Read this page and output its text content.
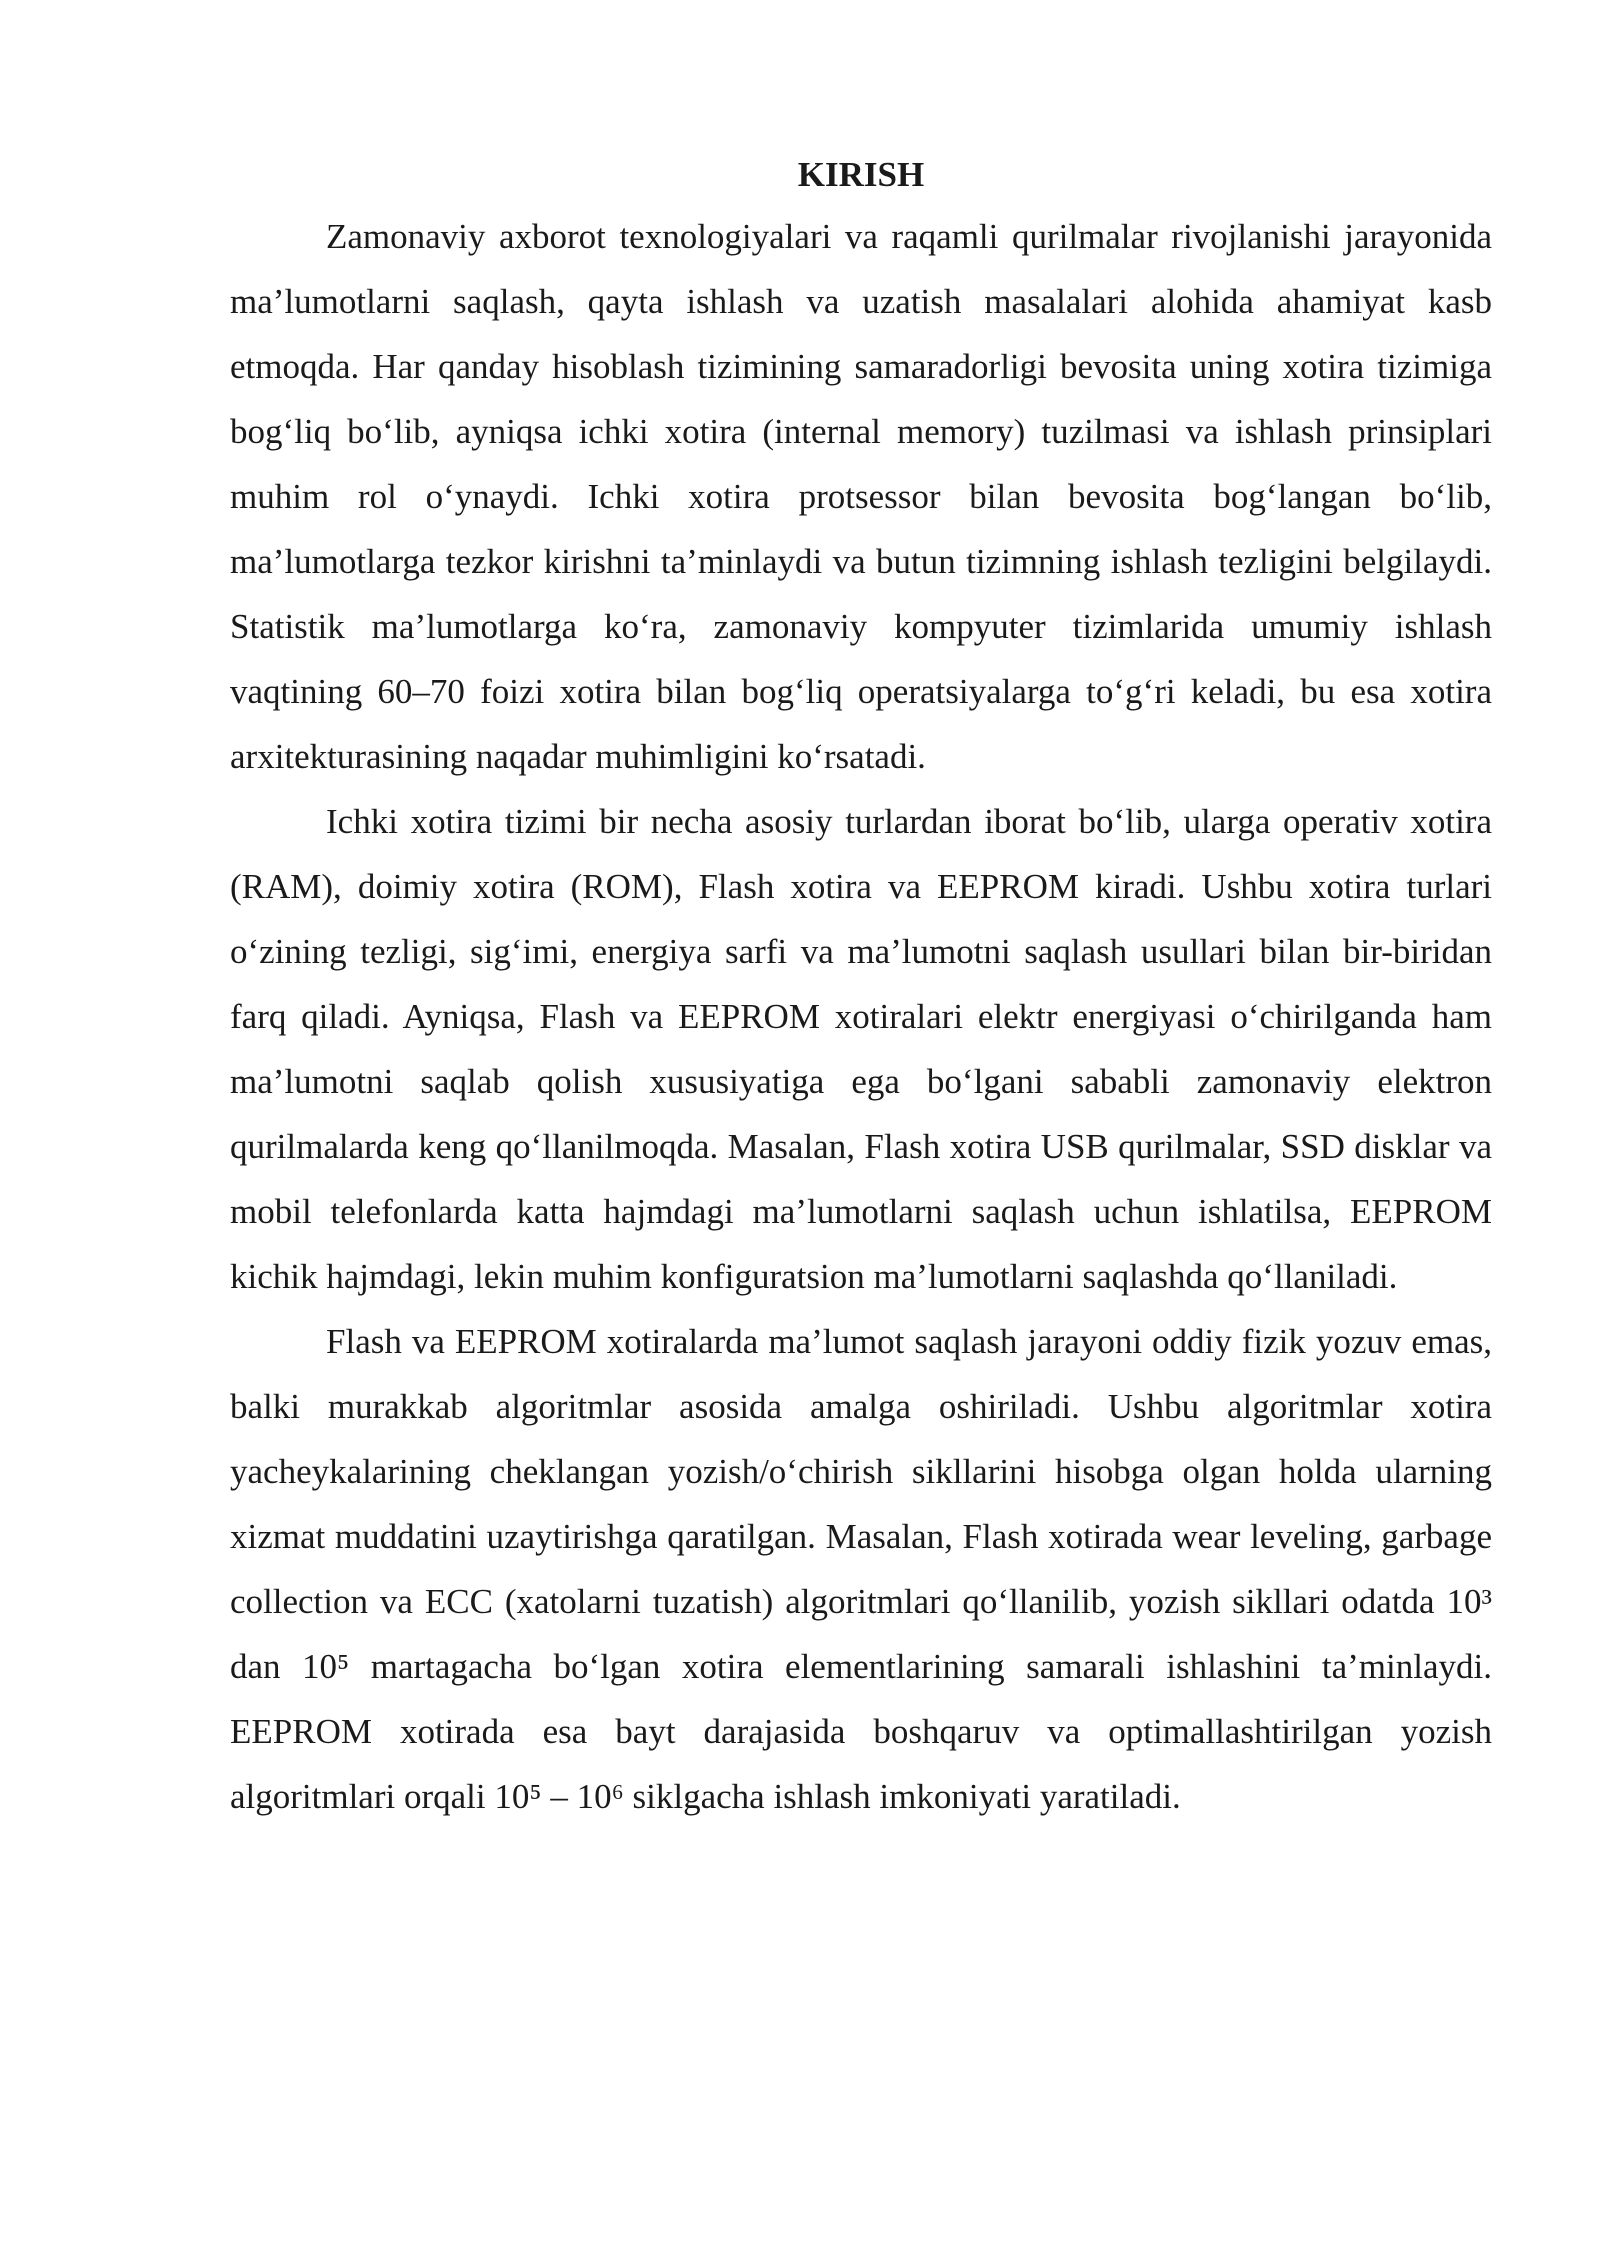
KIRISH

Zamonaviy axborot texnologiyalari va raqamli qurilmalar rivojlanishi jarayonida ma’lumotlarni saqlash, qayta ishlash va uzatish masalalari alohida ahamiyat kasb etmoqda. Har qanday hisoblash tizimining samaradorligi bevosita uning xotira tizimiga bog‘liq bo‘lib, ayniqsa ichki xotira (internal memory) tuzilmasi va ishlash prinsiplari muhim rol o‘ynaydi. Ichki xotira protsessor bilan bevosita bog‘langan bo‘lib, ma’lumotlarga tezkor kirishni ta’minlaydi va butun tizimning ishlash tezligini belgilaydi. Statistik ma’lumotlarga ko‘ra, zamonaviy kompyuter tizimlarida umumiy ishlash vaqtining 60–70 foizi xotira bilan bog‘liq operatsiyalarga to‘g‘ri keladi, bu esa xotira arxitekturasining naqadar muhimligini ko‘rsatadi.

Ichki xotira tizimi bir necha asosiy turlardan iborat bo‘lib, ularga operativ xotira (RAM), doimiy xotira (ROM), Flash xotira va EEPROM kiradi. Ushbu xotira turlari o‘zining tezligi, sig‘imi, energiya sarfi va ma’lumotni saqlash usullari bilan bir-biridan farq qiladi. Ayniqsa, Flash va EEPROM xotiralari elektr energiyasi o‘chirilganda ham ma’lumotni saqlab qolish xususiyatiga ega bo‘lgani sababli zamonaviy elektron qurilmalarda keng qo‘llanilmoqda. Masalan, Flash xotira USB qurilmalar, SSD disklar va mobil telefonlarda katta hajmdagi ma’lumotlarni saqlash uchun ishlatilsa, EEPROM kichik hajmdagi, lekin muhim konfiguratsion ma’lumotlarni saqlashda qo‘llaniladi.

Flash va EEPROM xotiralarda ma’lumot saqlash jarayoni oddiy fizik yozuv emas, balki murakkab algoritmlar asosida amalga oshiriladi. Ushbu algoritmlar xotira yacheykalarining cheklangan yozish/o‘chirish sikllarini hisobga olgan holda ularning xizmat muddatini uzaytirishga qaratilgan. Masalan, Flash xotirada wear leveling, garbage collection va ECC (xatolarni tuzatish) algoritmlari qo‘llanilib, yozish sikllari odatda 10³ dan 10⁵ martagacha bo‘lgan xotira elementlarining samarali ishlashini ta’minlaydi. EEPROM xotirada esa bayt darajasida boshqaruv va optimallashtirilgan yozish algoritmlari orqali 10⁵ – 10⁶ siklgacha ishlash imkoniyati yaratiladi.
